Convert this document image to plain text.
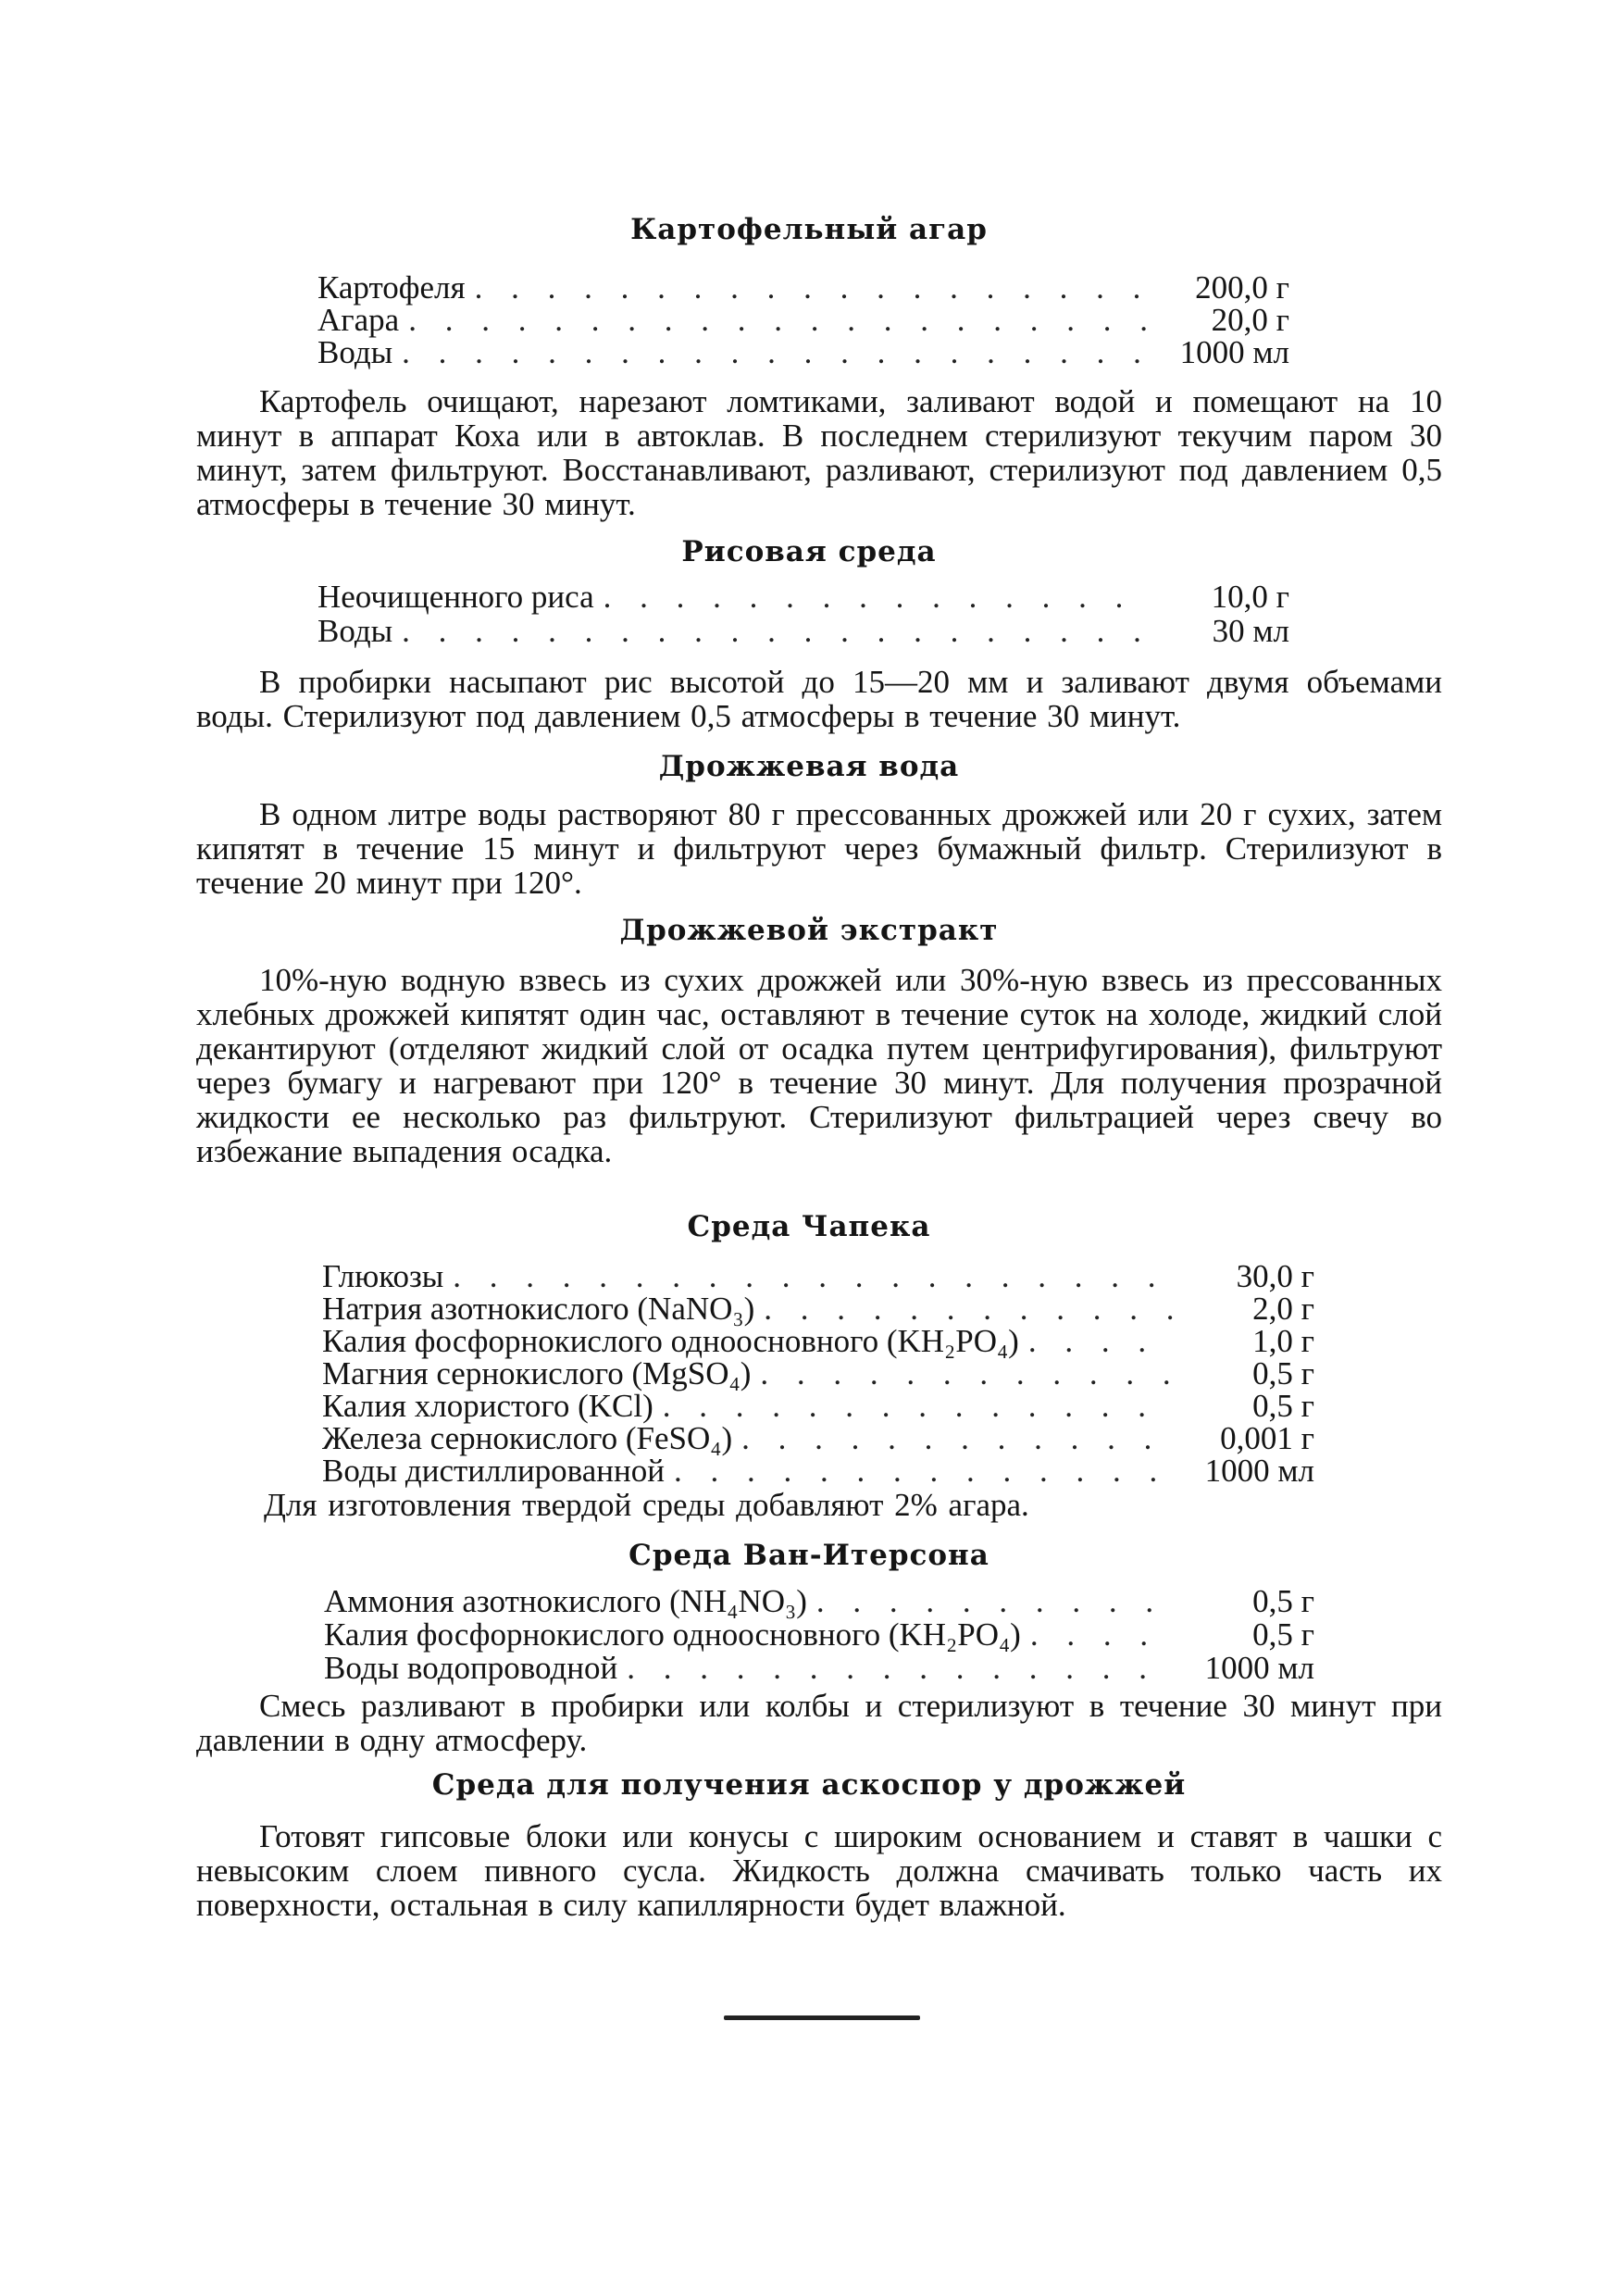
Картофельный агар
Картофеля . . .	200,0 г
Агара . . .	20,0 г
Воды . . .	1000 мл
Картофель очищают, нарезают ломтиками, заливают водой и помещают на 10 минут в аппарат Коха или в автоклав. В последнем стерилизуют текучим паром 30 минут, затем фильтруют. Восстанавливают, разливают, стерилизуют под давлением 0,5 атмосферы в течение 30 минут.
Рисовая среда
Неочищенного риса . . .	10,0 г
Воды . . .	30 мл
В пробирки насыпают рис высотой до 15—20 мм и заливают двумя объемами воды. Стерилизуют под давлением 0,5 атмосферы в течение 30 минут.
Дрожжевая вода
В одном литре воды растворяют 80 г прессованных дрожжей или 20 г сухих, затем кипятят в течение 15 минут и фильтруют через бумажный фильтр. Стерилизуют в течение 20 минут при 120°.
Дрожжевой экстракт
10%-ную водную взвесь из сухих дрожжей или 30%-ную взвесь из прессованных хлебных дрожжей кипятят один час, оставляют в течение суток на холоде, жидкий слой декантируют (отделяют жидкий слой от осадка путем центрифугирования), фильтруют через бумагу и нагревают при 120° в течение 30 минут. Для получения прозрачной жидкости ее несколько раз фильтруют. Стерилизуют фильтрацией через свечу во избежание выпадения осадка.
Среда Чапека
Глюкозы . . .	30,0 г
Натрия азотнокислого (NaNO₃) . . .	2,0 г
Калия фосфорнокислого одноосновного (KH₂PO₄) . . .	1,0 г
Магния сернокислого (MgSO₄) . . .	0,5 г
Калия хлористого (KCl) . . .	0,5 г
Железа сернокислого (FeSO₄) . . .	0,001 г
Воды дистиллированной . . .	1000 мл
Для изготовления твердой среды добавляют 2% агара.
Среда Ван-Итерсона
Аммония азотнокислого (NH₄NO₃) . . .	0,5 г
Калия фосфорнокислого одноосновного (KH₂PO₄) . . .	0,5 г
Воды водопроводной . . .	1000 мл
Смесь разливают в пробирки или колбы и стерилизуют в течение 30 минут при давлении в одну атмосферу.
Среда для получения аскоспор у дрожжей
Готовят гипсовые блоки или конусы с широким основанием и ставят в чашки с невысоким слоем пивного сусла. Жидкость должна смачивать только часть их поверхности, остальная в силу капиллярности будет влажной.
